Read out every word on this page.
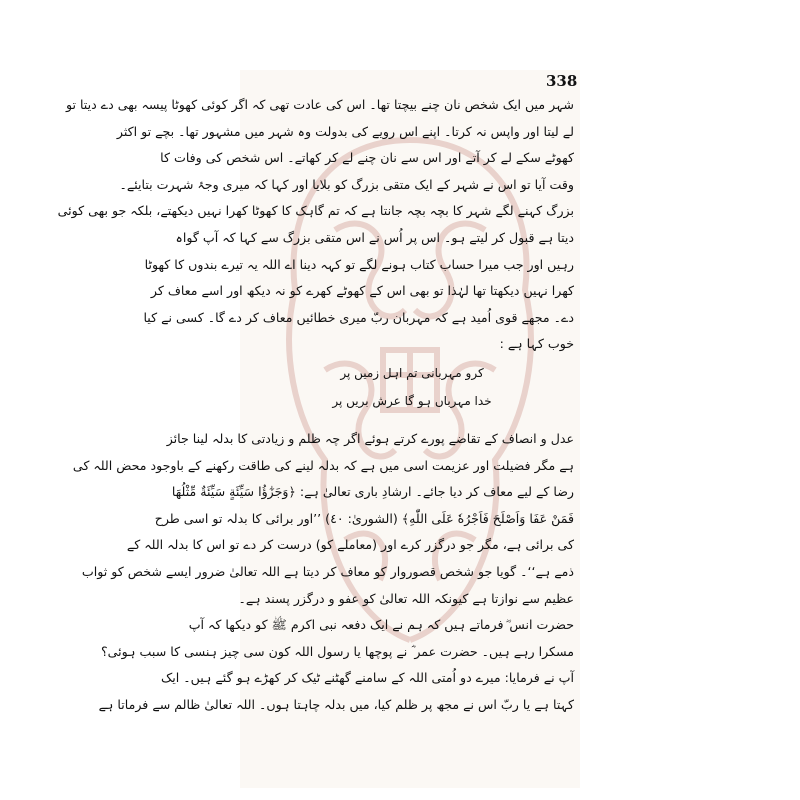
338
شہر میں ایک شخص نان چنے بیچتا تھا۔ اس کی عادت تھی کہ اگر کوئی کھوٹا پیسہ بھی دے دیتا تو
لے لیتا اور واپس نہ کرتا۔ اپنے اس رویے کی بدولت وہ شہر میں مشہور تھا۔ بچے تو اکثر
کھوٹے سکے لے کر آتے اور اس سے نان چنے لے کر کھاتے۔ اس شخص کی وفات کا
وقت آیا تو اس نے شہر کے ایک متقی بزرگ کو بلایا اور کہا کہ میری وجۂ شہرت بتایئے۔
بزرگ کہنے لگے شہر کا بچہ بچہ جانتا ہے کہ تم گاہک کا کھوٹا کھرا نہیں دیکھتے، بلکہ جو بھی کوئی
دیتا ہے قبول کر لیتے ہو۔ اس پر اُس نے اس متقی بزرگ سے کہا کہ آپ گواہ
رہیں اور جب میرا حساب کتاب ہونے لگے تو کہہ دینا اے اللہ یہ تیرے بندوں کا کھوٹا
کھرا نہیں دیکھتا تھا لہٰذا تو بھی اس کے کھوٹے کھرے کو نہ دیکھ اور اسے معاف کر
دے۔ مجھے قوی اُمید ہے کہ مہربان ربّ میری خطائیں معاف کر دے گا۔ کسی نے کیا
خوب کہا ہے :
کرو مہربانی تم اہل زمیں پر
خدا مہرباں ہو گا عرش بریں پر
عدل و انصاف کے تقاضے پورے کرتے ہوئے اگر چہ ظلم و زیادتی کا بدلہ لینا جائز
ہے مگر فضیلت اور عزیمت اسی میں ہے کہ بدلہ لینے کی طاقت رکھنے کے باوجود محض اللہ کی
رضا کے لیے معاف کر دیا جائے۔ ارشادِ باری تعالیٰ ہے: ﴿وَجَزٰٓؤُا سَيِّئَةٍ سَيِّئَةٌ مِّثْلُهَا
فَمَنْ عَفَا وَاَصْلَحَ فَاَجْرُهٗ عَلَى اللّٰهِ﴾ (الشوریٰ: ٤٠) ’’اور برائی کا بدلہ تو اسی طرح
کی برائی ہے، مگر جو درگزر کرے اور (معاملے کو) درست کر دے تو اس کا بدلہ اللہ کے
ذمے ہے‘‘۔ گویا جو شخص قصوروار کو معاف کر دیتا ہے اللہ تعالیٰ ضرور ایسے شخص کو ثواب
عظیم سے نوازتا ہے کیونکہ اللہ تعالیٰ کو عفو و درگزر پسند ہے۔
حضرت انس ؓ فرماتے ہیں کہ ہم نے ایک دفعہ نبی اکرم ﷺ کو دیکھا کہ آپ
مسکرا رہے ہیں۔ حضرت عمر ؓ نے پوچھا یا رسول اللہ کون سی چیز ہنسی کا سبب ہوئی؟
آپ نے فرمایا: میرے دو اُمتی اللہ کے سامنے گھٹنے ٹیک کر کھڑے ہو گئے ہیں۔ ایک
کہتا ہے یا ربّ اس نے مجھ پر ظلم کیا، میں بدلہ چاہتا ہوں۔ اللہ تعالیٰ ظالم سے فرماتا ہے
